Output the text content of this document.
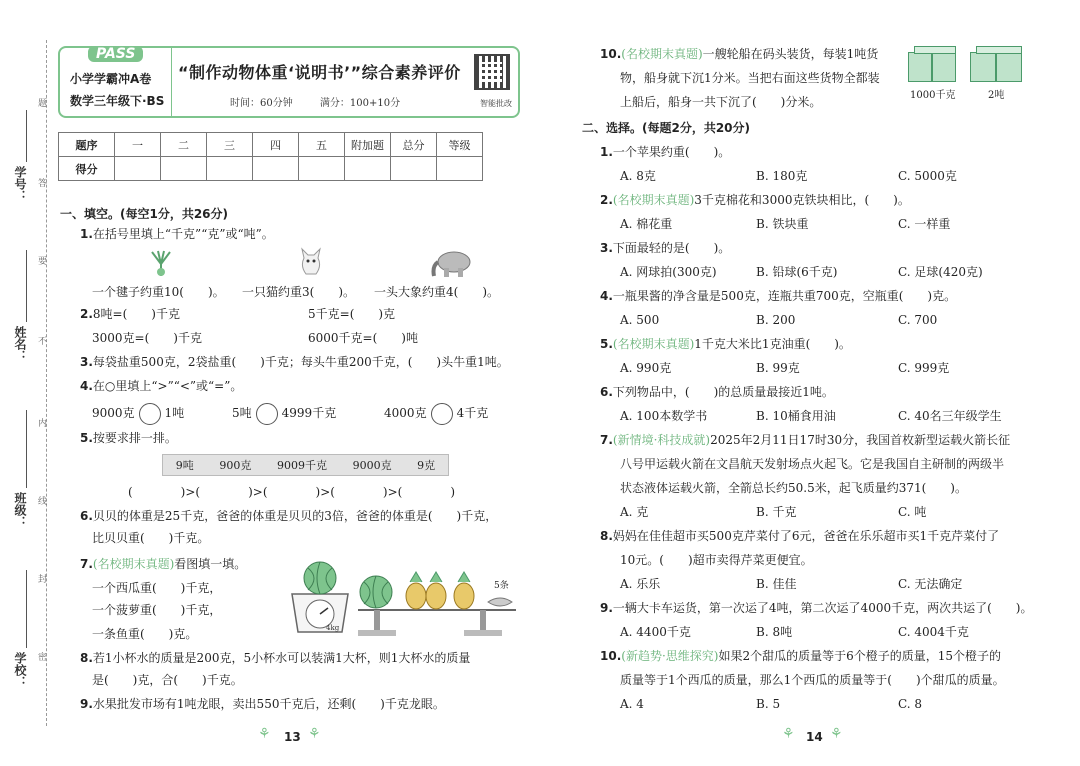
学号：
姓名：
班级：
学校：
题
答
要
不
内
线
封
密
PASS
小学学霸冲A卷
数学三年级下·BS
“制作动物体重‘说明书’”综合素养评价
时间：60分钟	满分：100+10分	智能批改
题序	一	二	三	四	五	附加题	总分	等级
得分								
一、填空。(每空1分，共26分)
1.在括号里填上“千克”“克”或“吨”。
一个毽子约重10(　　)。 一只猫约重3(　　)。 一头大象约重4(　　)。
2.8吨=(　　)千克	5千克=(　　)克
3000克=(　　)千克	6000千克=(　　)吨
3.每袋盐重500克，2袋盐重(　　)千克；每头牛重200千克，(　　)头牛重1吨。
4.在○里填上“>”“<”或“=”。
9000克	1吨	5吨	4999千克	4000克	4千克
5.按要求排一排。
9吨 900克 9009千克 9000克 9克
(　　　　)>(　　　　)>(　　　　)>(　　　　)>(　　　　)
6.贝贝的体重是25千克，爸爸的体重是贝贝的3倍，爸爸的体重是(　　)千克，
比贝贝重(　　)千克。
7.(名校期末真题)看图填一填。
一个西瓜重(　　)千克，
一个菠萝重(　　)千克，
一条鱼重(　　)克。	4kg
5条
8.若1小杯水的质量是200克，5小杯水可以装满1大杯，则1大杯水的质量
是(　　)克，合(　　)千克。
9.水果批发市场有1吨龙眼，卖出550千克后，还剩(　　)千克龙眼。
⚘ 13 ⚘
10.(名校期末真题)一艘轮船在码头装货，每装1吨货
物，船身就下沉1分米。当把右面这些货物全都装
上船后，船身一共下沉了(　　)分米。	1000千克	2吨
二、选择。(每题2分，共20分)
1.一个苹果约重(　　)。
A. 8克	B. 180克	C. 5000克
2.(名校期末真题)3千克棉花和3000克铁块相比，(　　)。
A. 棉花重	B. 铁块重	C. 一样重
3.下面最轻的是(　　)。
A. 网球拍(300克)	B. 铅球(6千克)	C. 足球(420克)
4.一瓶果酱的净含量是500克，连瓶共重700克，空瓶重(　　)克。
A. 500	B. 200	C. 700
5.(名校期末真题)1千克大米比1克油重(　　)。
A. 990克	B. 99克	C. 999克
6.下列物品中，(　　)的总质量最接近1吨。
A. 100本数学书	B. 10桶食用油	C. 40名三年级学生
7.(新情境·科技成就)2025年2月11日17时30分，我国首枚新型运载火箭长征
八号甲运载火箭在文昌航天发射场点火起飞。它是我国自主研制的两级半
状态液体运载火箭，全箭总长约50.5米，起飞质量约371(　　)。
A. 克	B. 千克	C. 吨
8.妈妈在佳佳超市买500克芹菜付了6元，爸爸在乐乐超市买1千克芹菜付了
10元。(　　)超市卖得芹菜更便宜。
A. 乐乐	B. 佳佳	C. 无法确定
9.一辆大卡车运货，第一次运了4吨，第二次运了4000千克，两次共运了(　　)。
A. 4400千克	B. 8吨	C. 4004千克
10.(新趋势·思维探究)如果2个甜瓜的质量等于6个橙子的质量，15个橙子的
质量等于1个西瓜的质量，那么1个西瓜的质量等于(　　)个甜瓜的质量。
A. 4	B. 5	C. 8
⚘ 14 ⚘
